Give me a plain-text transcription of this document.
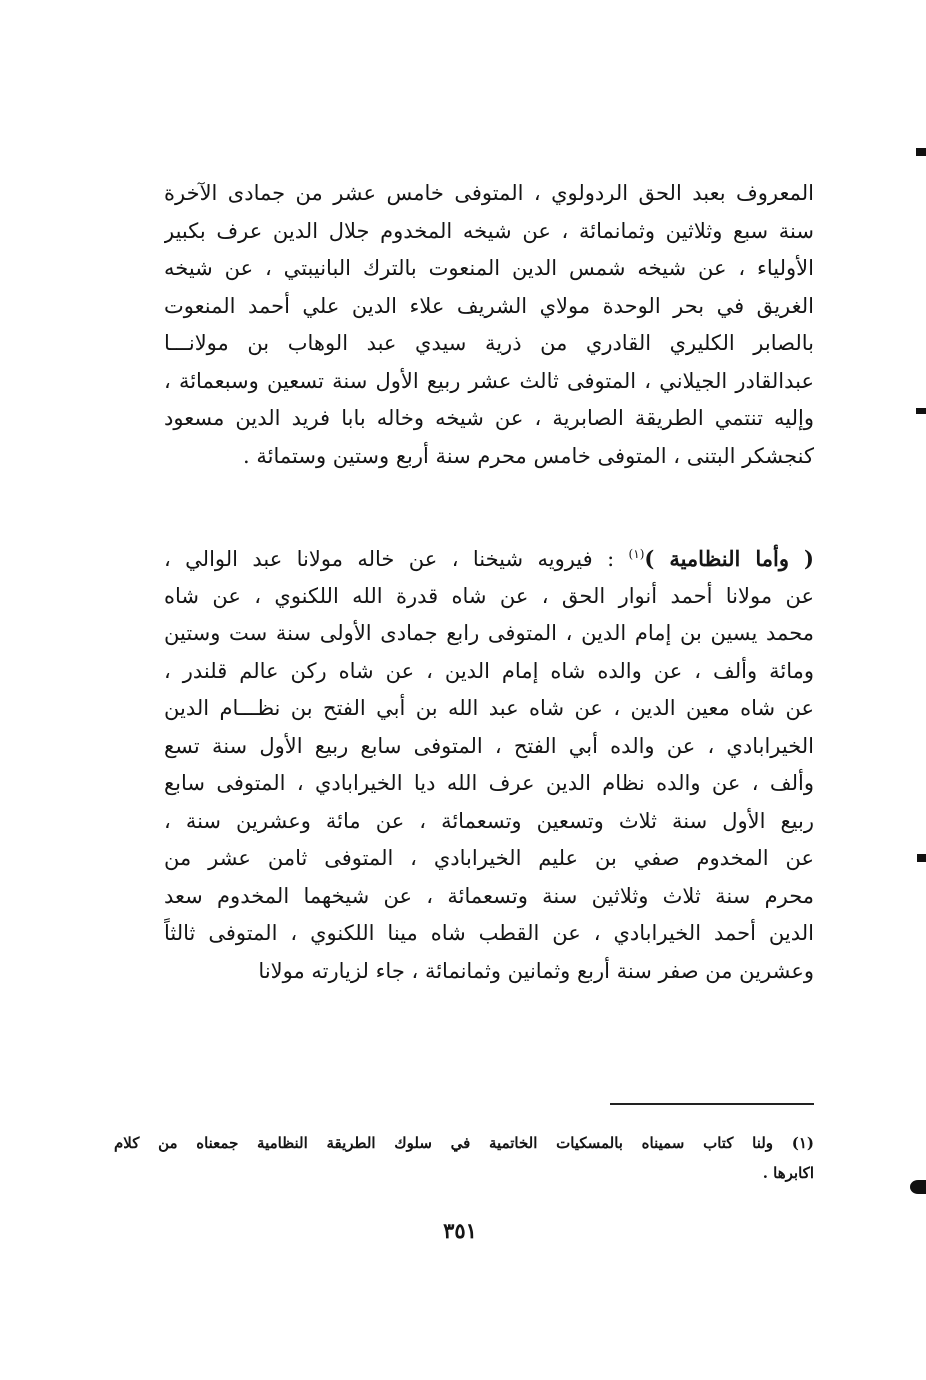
المعروف بعبد الحق الردولوي ، المتوفى خامس عشر من جمادى الآخرة
سنة سبع وثلاثين وثمانمائة ، عن شيخه المخدوم جلال الدين عرف بكبير
الأولياء ، عن شيخه شمس الدين المنعوت بالترك البانيبتي ، عن شيخه
الغريق في بحر الوحدة مولاي الشريف علاء الدين علي أحمد المنعوت
بالصابر الكليري القادري من ذرية سيدي عبد الوهاب بن مولانـــا
عبدالقادر الجيلاني ، المتوفى ثالث عشر ربيع الأول سنة تسعين وسبعمائة ،
وإليه تنتمي الطريقة الصابرية ، عن شيخه وخاله بابا فريد الدين مسعود
كنجشكر البتنى ، المتوفى خامس محرم سنة أربع وستين وستمائة .
( وأما النظامية )$^{(١)}$ : فيرويه شيخنا ، عن خاله مولانا عبد الوالي ،
عن مولانا أحمد أنوار الحق ، عن شاه قدرة الله اللكنوي ، عن شاه
محمد يسين بن إمام الدين ، المتوفى رابع جمادى الأولى سنة ست وستين
ومائة وألف ، عن والده شاه إمام الدين ، عن شاه ركن عالم قلندر ،
عن شاه معين الدين ، عن شاه عبد الله بن أبي الفتح بن نظـــام الدين
الخيرابادي ، عن والده أبي الفتح ، المتوفى سابع ربيع الأول سنة تسع
وألف ، عن والده نظام الدين عرف الله ديا الخيرابادي ، المتوفى سابع
ربيع الأول سنة ثلاث وتسعين وتسعمائة ، عن مائة وعشرين سنة ،
عن المخدوم صفي بن عليم الخيرابادي ، المتوفى ثامن عشر من
محرم سنة ثلاث وثلاثين سنة وتسعمائة ، عن شيخهما المخدوم سعد
الدين أحمد الخيرابادي ، عن القطب شاه مينا اللكنوي ، المتوفى ثالثاً
وعشرين من صفر سنة أربع وثمانين وثمانمائة ، جاء لزيارته مولانا
(١) ولنا كتاب سميناه بالمسكيات الخاتمية في سلوك الطريقة النظامية جمعناه من كلام
اكابرها .
٣٥١
